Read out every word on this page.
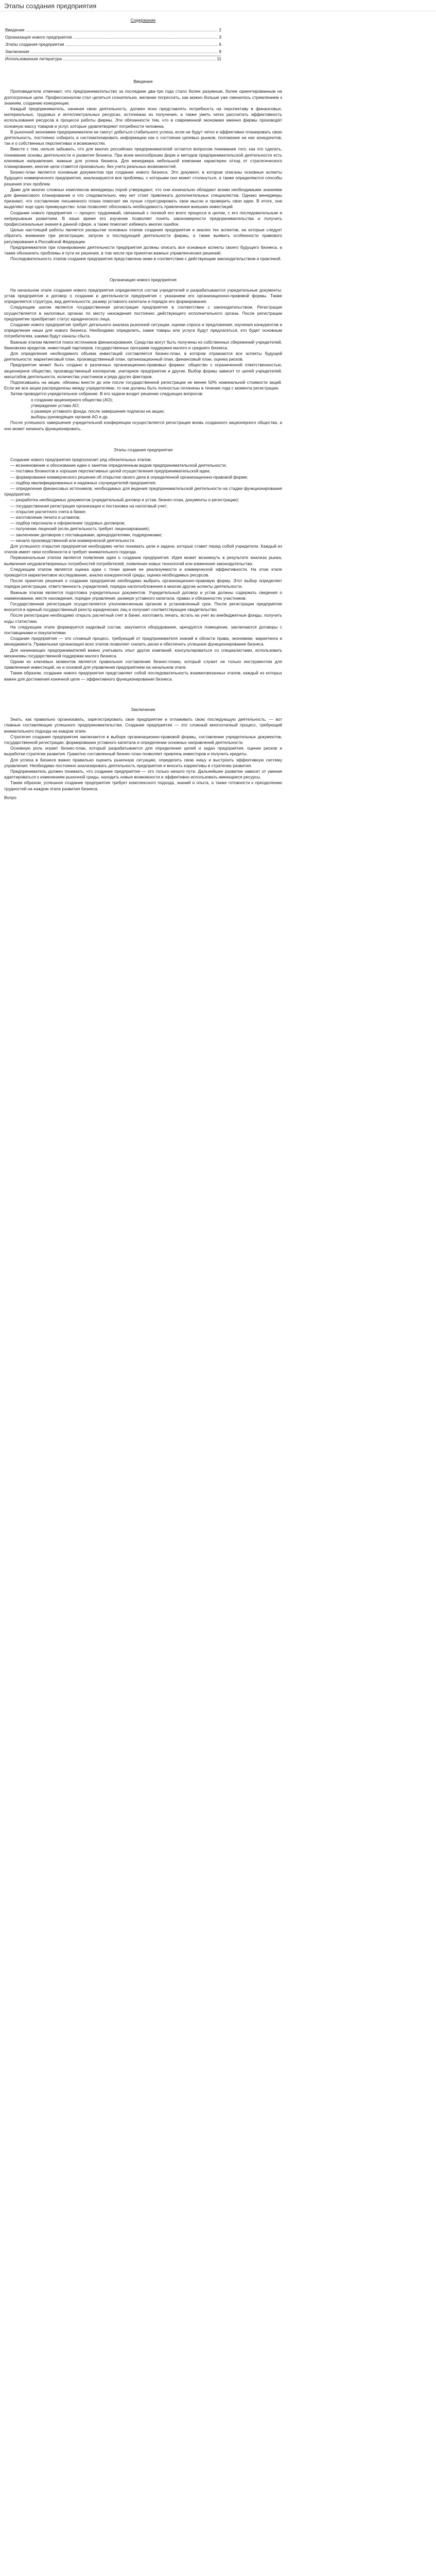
Этапы создания предприятия
Содержание
Введение .....	2
Организация нового предприятия .....	3
Этапы создания предприятия .....	6
Заключение .....	9
Использованная литература .....	11
Введение

Проповедители отмечают, что предпринимательство за последние два-три года стало более разумным, более ориентированным на долгосрочные цели. Профессионалом стал целиться сознательно, желание погрессить, как можно больше уже сменилось стремлением к знаниям, созданию конкуренции.

Каждый предприниматель, начиная свою деятельность, должен ясно представлять потребность на перспективу в финансовых, материальных, трудовых и интеллектуальных ресурсах, источниках их получения, а также уметь четко рассчитать эффективность использования ресурсов в процессе работы фирмы. Эти обязанности тем, что в современной экономике именно фирмы производят основную массу товаров и услуг, которые удовлетворяют потребности человека.

В рыночной экономике предприниматели не смогут добиться стабильного успеха, если не будут четко и эффективно планировать свою деятельность, постоянно собирать и систематизировать информацию как о состоянии целевых рынков, положение на них конкурентов, так и о собственных перспективах и возможностях.

Вместе с тем, нельзя забывать, что для многих российских предпринимателей остается вопросом понимание того, как это сделать, понимание основы деятельности и развития бизнеса. При всем многообразии форм и методов предпринимательской деятельности есть ключевые направления, важные для успеха бизнеса. Для менеджера небольшой компании характерен отход от стратегического планирования, многие цели ставятся произвольно, без учета реальных возможностей.

Бизнес-план является основным документом при создании нового бизнеса. Это документ, в котором описаны основные аспекты будущего коммерческого предприятия, анализируются все проблемы, с которыми оно может столкнуться, а также определяются способы решения этих проблем.

Даже для многих сложных комплексов менеджеры порой утверждают, что они изначально обладают всеми необходимыми знаниями для финансового планирования и что следовательно, ему нет стоит привлекать дополнительных специалистов. Однако менеджеры признают, что составление письменного плана помогает им лучше структурировать свои мысли и проверить свои идеи. В итоге, они выделяют еще одно преимущество: план позволяет обосновать необходимость привлечения внешних инвестиций.

Создание нового предприятия — процесс трудоемкий, связанный с логикой его всего процесса в целом, с его последовательным и непрерывным развитием. В наше время его изучение позволяет понять закономерности предпринимательства и получить профессиональные знания в данной сфере, а также помогает избежать многих ошибок.

Целью настоящей работы является раскрытие основных этапов создания предприятия и анализ тех аспектов, на которые следует обратить внимание при регистрации, запуске и последующей деятельности фирмы, а также выявить особенности правового регулирования в Российской Федерации.

Предприниматели при планировании деятельности предприятия должны описать все основные аспекты своего будущего бизнеса, а также обозначить проблемы и пути их решения, в том числе при принятии важных управленческих решений.

Последовательность этапов создания предприятия представлена ниже в соответствии с действующим законодательством и практикой.

Организация нового предприятия

На начальном этапе создания нового предприятия определяется состав учредителей и разрабатываются учредительные документы: устав предприятия и договор о создании и деятельности предприятия с указанием его организационно-правовой формы. Также определяется структура, вид деятельности, размер уставного капитала и порядок его формирования.

Следующим шагом является государственная регистрация предприятия в соответствии с законодательством. Регистрация осуществляется в налоговых органах по месту нахождения постоянно действующего исполнительного органа. После регистрации предприятие приобретает статус юридического лица.

Создание нового предприятия требует детального анализа рыночной ситуации, оценки спроса и предложения, изучения конкурентов и определения ниши для нового бизнеса. Необходимо определить, какие товары или услуги будут предлагаться, кто будет основным потребителем, какими будут каналы сбыта.

Важным этапом является поиск источников финансирования. Средства могут быть получены из собственных сбережений учредителей, банковских кредитов, инвестиций партнеров, государственных программ поддержки малого и среднего бизнеса.

Для определения необходимого объема инвестиций составляется бизнес-план, в котором отражаются все аспекты будущей деятельности: маркетинговый план, производственный план, организационный план, финансовый план, оценка рисков.

Предприятие может быть создано в различных организационно-правовых формах: общество с ограниченной ответственностью, акционерное общество, производственный кооператив, унитарное предприятие и другие. Выбор формы зависит от целей учредителей, масштабов деятельности, количества участников и ряда других факторов.

Подписавшись на акции, обязаны внести до или после государственной регистрации не менее 50% номинальной стоимости акций. Если же все акции распределены между учредителями, то они должны быть полностью оплачены в течение года с момента регистрации.

Затем проводится учредительное собрание. В его задачи входит решение следующих вопросов:

о создании акционерного общества (АО);

утверждение устава АО;

о размере уставного фонда, после завершения подписки на акции;

выборы руководящих органов АО и др.

После успешного завершения учредительной конференции осуществляется регистрация вновь созданного акционерного общества, и оно может начинать функционировать.

Этапы создания предприятия

Создание нового предприятия предполагает ряд обязательных этапов:

— возникновение и обоснование идеи о занятии определенным видом предпринимательской деятельности;

— поставка блокнотов и хорошая перспективных целей осуществления предпринимательской идеи;

— формирование коммерческого решения об открытии своего дела в определенной организационно-правовой форме;

— подбор квалифицированных и надежных соучредителей предприятия;

— определение финансовых источников, необходимых для ведения предпринимательской деятельности на стадии функционирования предприятия;

— разработка необходимых документов (учредительный договор и устав, бизнес-план, документы о регистрации);

— государственная регистрация организации и постановка на налоговый учет;

— открытие расчетного счета в банке;

— изготовление печати и штампов;

— подбор персонала и оформление трудовых договоров;

— получение лицензий (если деятельность требует лицензирования);

— заключение договоров с поставщиками, арендодателями, подрядчиками;

— начало производственной или коммерческой деятельности.

Для успешного открытия предприятия необходимо четко понимать цели и задачи, которые ставят перед собой учредители. Каждый из этапов имеет свои особенности и требует внимательного подхода.

Первоначальным этапом является появление идеи о создании предприятия. Идея может возникнуть в результате анализа рынка, выявления неудовлетворенных потребностей потребителей, появления новых технологий или изменения законодательства.

Следующим этапом является оценка идеи с точки зрения ее реализуемости и коммерческой эффективности. На этом этапе проводится маркетинговое исследование, анализ конкурентной среды, оценка необходимых ресурсов.

После принятия решения о создании предприятия необходимо выбрать организационно-правовую форму. Этот выбор определяет порядок регистрации, ответственность учредителей, порядок налогообложения и многие другие аспекты деятельности.

Важным этапом является подготовка учредительных документов. Учредительный договор и устав должны содержать сведения о наименовании, месте нахождения, порядке управления, размере уставного капитала, правах и обязанностях участников.

Государственная регистрация осуществляется уполномоченным органом в установленный срок. После регистрации предприятие вносится в единый государственный реестр юридических лиц и получает соответствующее свидетельство.

После регистрации необходимо открыть расчетный счет в банке, изготовить печать, встать на учет во внебюджетные фонды, получить коды статистики.

На следующем этапе формируется кадровый состав, закупается оборудование, арендуется помещение, заключаются договоры с поставщиками и покупателями.

Создание предприятия — это сложный процесс, требующий от предпринимателя знаний в области права, экономики, маркетинга и менеджмента. Правильная организация всех этапов позволяет снизить риски и обеспечить успешное функционирование бизнеса.

Для начинающих предпринимателей важно учитывать опыт других компаний, консультироваться со специалистами, использовать механизмы государственной поддержки малого бизнеса.

Одним из ключевых моментов является правильное составление бизнес-плана, который служит не только инструментом для привлечения инвестиций, но и основой для управления предприятием на начальном этапе.

Таким образом, создание нового предприятия представляет собой последовательность взаимосвязанных этапов, каждый из которых важен для достижения конечной цели — эффективного функционирования бизнеса.

Заключение

Знать, как правильно организовать, зарегистрировать свое предприятие и отлаживать свою последующую деятельность, — вот главные составляющие успешного предпринимательства. Создание предприятия — это сложный многоэтапный процесс, требующий внимательного подхода на каждом этапе.

Стратегия создания предприятия заключается в выборе организационно-правовой формы, составлении учредительных документов, государственной регистрации, формировании уставного капитала и определении основных направлений деятельности.

Основную роль играет бизнес-план, который разрабатывается для определения целей и задач предприятия, оценки рисков и выработки стратегии развития. Грамотно составленный бизнес-план позволяет привлечь инвесторов и получить кредиты.

Для успеха в бизнесе важно правильно оценить рыночную ситуацию, определить свою нишу и выстроить эффективную систему управления. Необходимо постоянно анализировать деятельность предприятия и вносить коррективы в стратегию развития.

Предприниматель должен понимать, что создание предприятия — это только начало пути. Дальнейшее развитие зависит от умения адаптироваться к изменениям рыночной среды, находить новые возможности и эффективно использовать имеющиеся ресурсы.

Таким образом, успешное создание предприятия требует комплексного подхода, знаний и опыта, а также готовности к преодолению трудностей на каждом этапе развития бизнеса.

Вопро
